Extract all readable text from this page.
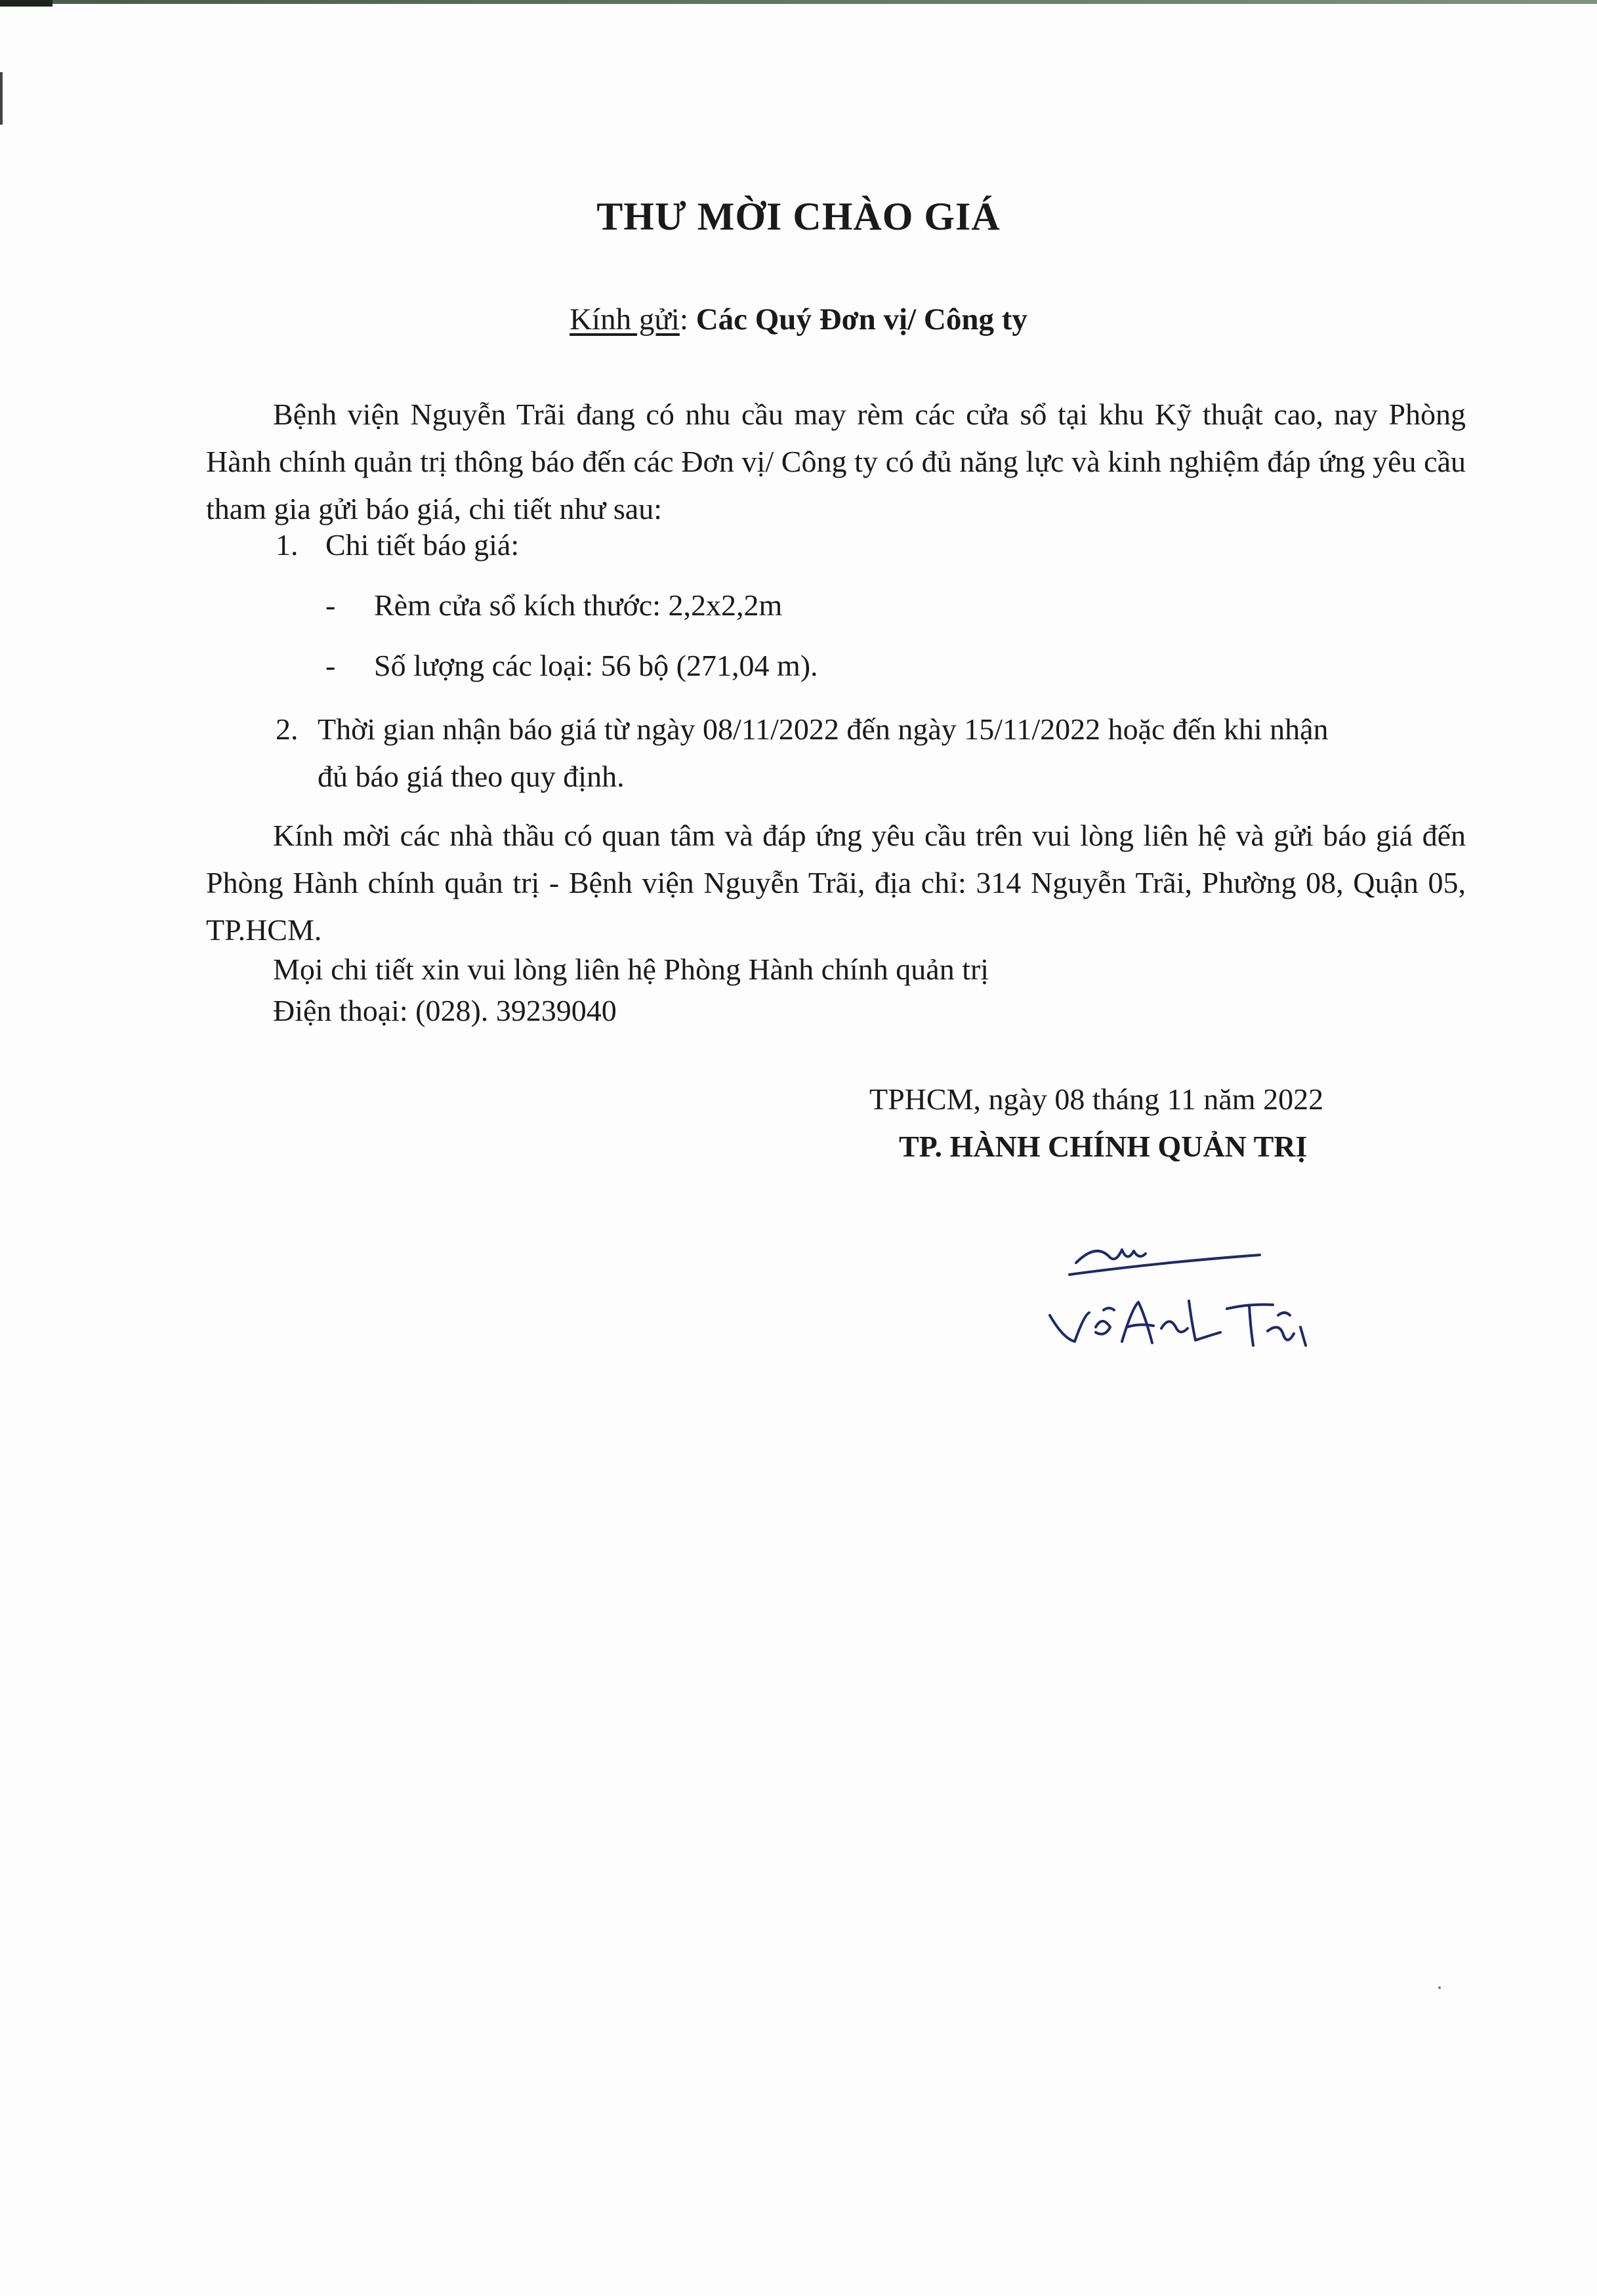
THƯ MỜI CHÀO GIÁ
Kính gửi: Các Quý Đơn vị/ Công ty
Bệnh viện Nguyễn Trãi đang có nhu cầu may rèm các cửa sổ tại khu Kỹ thuật cao, nay Phòng Hành chính quản trị thông báo đến các Đơn vị/ Công ty có đủ năng lực và kinh nghiệm đáp ứng yêu cầu tham gia gửi báo giá, chi tiết như sau:
1. Chi tiết báo giá:
- Rèm cửa sổ kích thước: 2,2x2,2m
- Số lượng các loại: 56 bộ (271,04 m).
2. Thời gian nhận báo giá từ ngày 08/11/2022 đến ngày 15/11/2022 hoặc đến khi nhận
đủ báo giá theo quy định.
Kính mời các nhà thầu có quan tâm và đáp ứng yêu cầu trên vui lòng liên hệ và gửi báo giá đến Phòng Hành chính quản trị - Bệnh viện Nguyễn Trãi, địa chỉ: 314 Nguyễn Trãi, Phường 08, Quận 05, TP.HCM.
Mọi chi tiết xin vui lòng liên hệ Phòng Hành chính quản trị
Điện thoại: (028). 39239040
TPHCM, ngày 08 tháng 11 năm 2022
TP. HÀNH CHÍNH QUẢN TRỊ
